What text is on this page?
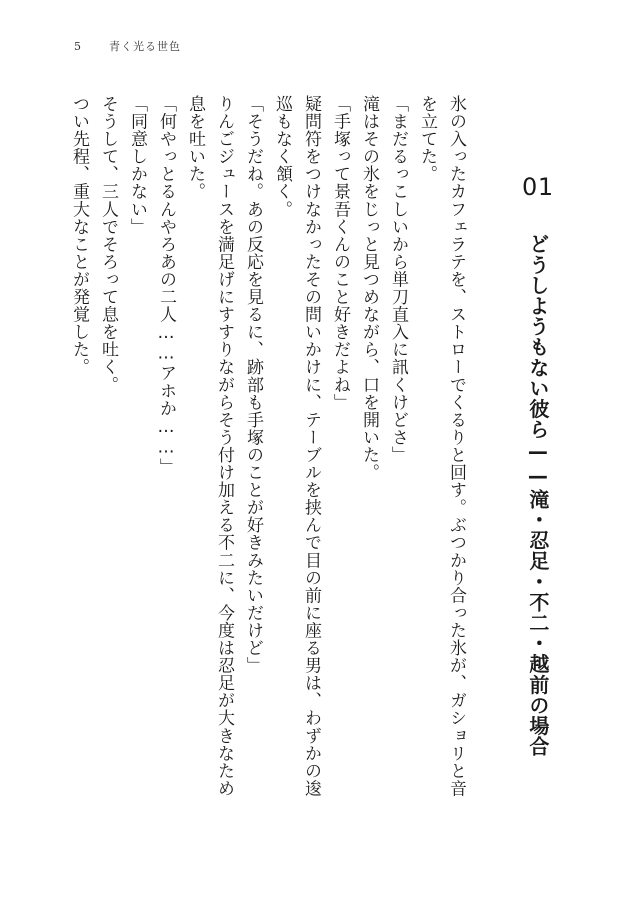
5	青く光る世色
01 どうしようもない彼ら——滝・忍足・不二・越前の場合
氷の入ったカフェラテを、ストローでくるりと回す。ぶつかり合った氷が、ガショリと音
を立てた。
「まだるっこしいから単刀直入に訊くけどさ」
滝はその氷をじっと見つめながら、口を開いた。
「手塚って景吾くんのこと好きだよね」
疑問符をつけなかったその問いかけに、テーブルを挟んで目の前に座る男は、わずかの逡
巡もなく頷く。
「そうだね。あの反応を見るに、跡部も手塚のことが好きみたいだけど」
りんごジュースを満足げにすすりながらそう付け加える不二に、今度は忍足が大きなため
息を吐いた。
「何やっとるんやろあの二人……アホか……」
「同意しかない」
そうして、三人でそろって息を吐く。
つい先程、重大なことが発覚した。
